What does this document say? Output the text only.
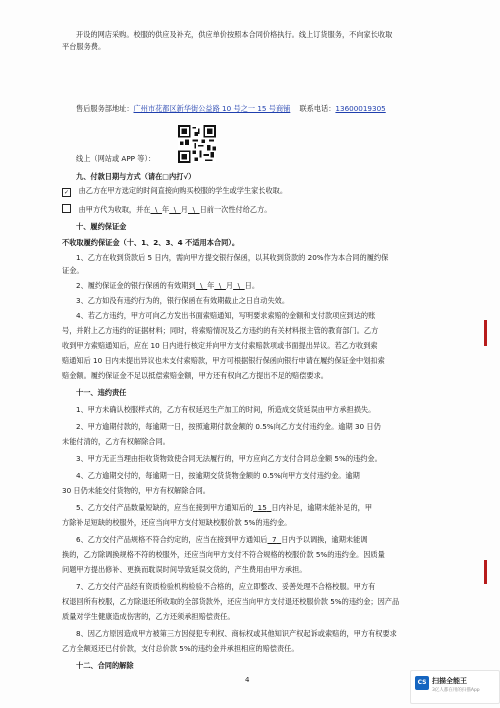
开设的网店采购。校服的供应及补充，供应单价按照本合同价格执行。线上订货服务，不向家长收取
平台服务费。
售后服务部地址：广州市花都区新华街公益路 10 号之一 15 号商铺 联系电话：13600019305
线上（网站或 APP 等）：
九、付款日期与方式（请在□内打√）
✓ 由乙方在甲方选定的时间直接向购买校服的学生或学生家长收取。
由甲方代为收取，并在  \  年  \  月  \  日前一次性付给乙方。
十、履约保证金
不收取履约保证金（十、1、2、3、4 不适用本合同）。
1、乙方在收到货款后 5 日内，需向甲方提交银行保函，以其收到货款的 20%作为本合同的履约保
证金。
2、履约保证金的银行保函的有效期到  \  年  \  月  \  日。
3、乙方如没有违约行为的，银行保函在有效期截止之日自动失效。
4、若乙方违约，甲方可向乙方发出书面索赔通知，写明要求索赔的金额和支付款项应到达的账
号，并附上乙方违约的证据材料；同时，将索赔情况及乙方违约的有关材料报主管的教育部门。乙方
收到甲方索赔通知后，应在 10 日内进行核定并向甲方支付索赔款项或书面提出异议。若乙方收到索
赔通知后 10 日内未提出异议也未支付索赔款，甲方可根据银行保函向银行申请在履约保证金中划扣索
赔金额。履约保证金不足以抵偿索赔金额，甲方还有权向乙方提出不足的赔偿要求。
十一、违约责任
1、甲方未确认校服样式的，乙方有权延迟生产加工的时间，所造成交货延误由甲方承担损失。
2、甲方逾期付款的，每逾期一日，按照逾期付款金额的 0.5%向乙方支付违约金。逾期 30 日仍
未能付清的，乙方有权解除合同。
3、甲方无正当理由拒收货物致使合同无法履行的，甲方应向乙方支付合同总金额 5%的违约金。
4、乙方逾期交付的，每逾期一日，按逾期交货货物金额的 0.5%向甲方支付违约金。逾期
30 日仍未能交付货物的，甲方有权解除合同。
5、乙方交付产品数量短缺的，应当在接到甲方通知后的 15 日内补足，逾期未能补足的，甲
方除补足短缺的校服外，还应当向甲方支付短缺校服价款 5%的违约金。
6、乙方交付产品规格不符合约定的，应当在接到甲方通知后 7 日内予以调换，逾期未能调
换的，乙方除调换规格不符的校服外，还应当向甲方支付不符合规格的校服价款 5%的违约金。因质量
问题甲方提出修补、更换而耽误时间导致延误交货的，产生费用由甲方承担。
7、乙方交付产品经有资质检验机构检验不合格的，应立即整改、妥善处理不合格校服。甲方有
权退回所有校服，乙方除退还所收取的全部货款外，还应当向甲方支付退还校服价款 5%的违约金；因产品
质量对学生健康造成伤害的，乙方还须承担赔偿责任。
8、因乙方原因造成甲方被第三方因侵犯专利权、商标权或其他知识产权起诉或索赔的，甲方有权要求
乙方全额返还已付价款，支付总价款 5%的违约金并承担相应的赔偿责任。
十二、合同的解除
4	CS 扫描全能王
3亿人都在用的扫描App
